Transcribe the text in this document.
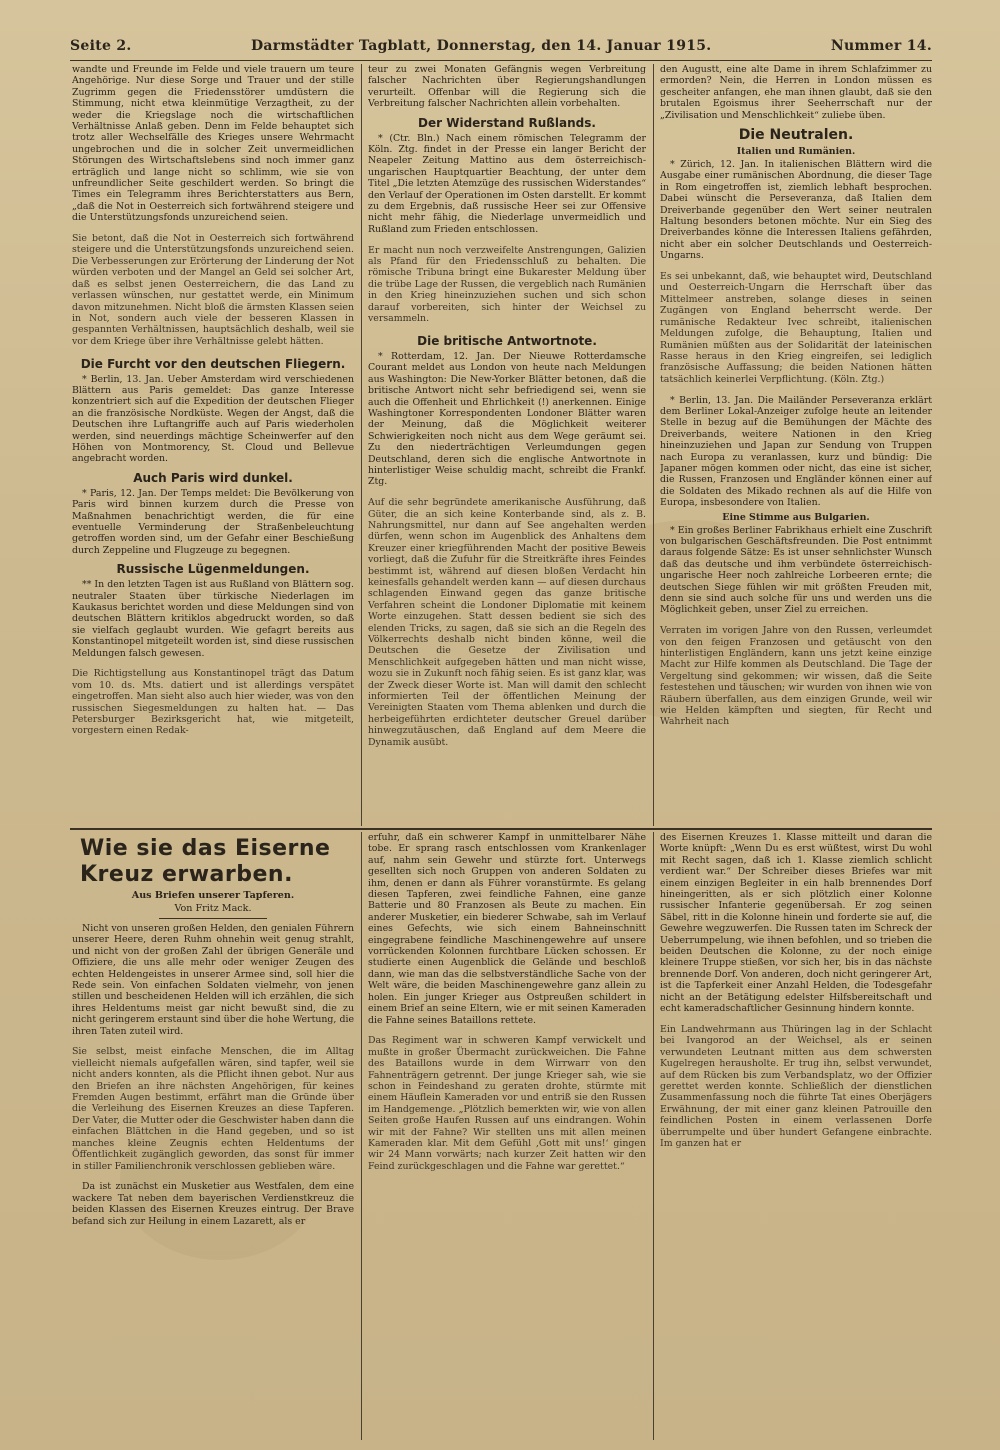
Seite 2.	Darmstädter Tagblatt, Donnerstag, den 14. Januar 1915.	Nummer 14.

wandte und Freunde im Felde und viele trauern um teure Angehörige. Nur diese Sorge und Trauer und der stille Zugrimm gegen die Friedensstörer umdüstern die Stimmung, nicht etwa kleinmütige Verzagtheit, zu der weder die Kriegslage noch die wirtschaftlichen Verhältnisse Anlaß geben. Denn im Felde behauptet sich trotz aller Wechselfälle des Krieges unsere Wehrmacht ungebrochen und die in solcher Zeit unvermeidlichen Störungen des Wirtschaftslebens sind noch immer ganz erträglich und lange nicht so schlimm, wie sie von unfreundlicher Seite geschildert werden. So bringt die Times ein Telegramm ihres Berichterstatters aus Bern, „daß die Not in Oesterreich sich fortwährend steigere und die Unterstützungsfonds unzureichend seien.

Sie betont, daß die Not in Oesterreich sich fortwährend steigere und die Unterstützungsfonds unzureichend seien. Die Verbesserungen zur Erörterung der Linderung der Not würden verboten und der Mangel an Geld sei solcher Art, daß es selbst jenen Oesterreichern, die das Land zu verlassen wünschen, nur gestattet werde, ein Minimum davon mitzunehmen. Nicht bloß die ärmsten Klassen seien in Not, sondern auch viele der besseren Klassen in gespannten Verhältnissen, hauptsächlich deshalb, weil sie vor dem Kriege über ihre Verhältnisse gelebt hätten.

Die Furcht vor den deutschen Fliegern.

* Berlin, 13. Jan. Ueber Amsterdam wird verschiedenen Blättern aus Paris gemeldet: Das ganze Interesse konzentriert sich auf die Expedition der deutschen Flieger an die französische Nordküste. Wegen der Angst, daß die Deutschen ihre Luftangriffe auch auf Paris wiederholen werden, sind neuerdings mächtige Scheinwerfer auf den Höhen von Montmorency, St. Cloud und Bellevue angebracht worden.

Auch Paris wird dunkel.

* Paris, 12. Jan. Der Temps meldet: Die Bevölkerung von Paris wird binnen kurzem durch die Presse von Maßnahmen benachrichtigt werden, die für eine eventuelle Verminderung der Straßenbeleuchtung getroffen worden sind, um der Gefahr einer Beschießung durch Zeppeline und Flugzeuge zu begegnen.

Russische Lügenmeldungen.

** In den letzten Tagen ist aus Rußland von Blättern sog. neutraler Staaten über türkische Niederlagen im Kaukasus berichtet worden und diese Meldungen sind von deutschen Blättern kritiklos abgedruckt worden, so daß sie vielfach geglaubt wurden. Wie gefagrt bereits aus Konstantinopel mitgeteilt worden ist, sind diese russischen Meldungen falsch gewesen.

Die Richtigstellung aus Konstantinopel trägt das Datum vom 10. ds. Mts. datiert und ist allerdings verspätet eingetroffen. Man sieht also auch hier wieder, was von den russischen Siegesmeldungen zu halten hat. — Das Petersburger Bezirksgericht hat, wie mitgeteilt, vorgestern einen Redak-

teur zu zwei Monaten Gefängnis wegen Verbreitung falscher Nachrichten über Regierungshandlungen verurteilt. Offenbar will die Regierung sich die Verbreitung falscher Nachrichten allein vorbehalten.

Der Widerstand Rußlands.

* (Ctr. Bln.) Nach einem römischen Telegramm der Köln. Ztg. findet in der Presse ein langer Bericht der Neapeler Zeitung Mattino aus dem österreichisch-ungarischen Hauptquartier Beachtung, der unter dem Titel „Die letzten Atemzüge des russischen Widerstandes“ den Verlauf der Operationen im Osten darstellt. Er kommt zu dem Ergebnis, daß russische Heer sei zur Offensive nicht mehr fähig, die Niederlage unvermeidlich und Rußland zum Frieden entschlossen.

Er macht nun noch verzweifelte Anstrengungen, Galizien als Pfand für den Friedensschluß zu behalten. Die römische Tribuna bringt eine Bukarester Meldung über die trübe Lage der Russen, die vergeblich nach Rumänien in den Krieg hineinzuziehen suchen und sich schon darauf vorbereiten, sich hinter der Weichsel zu versammeln.

Die britische Antwortnote.

* Rotterdam, 12. Jan. Der Nieuwe Rotterdamsche Courant meldet aus London von heute nach Meldungen aus Washington: Die New-Yorker Blätter betonen, daß die britische Antwort nicht sehr befriedigend sei, wenn sie auch die Offenheit und Ehrlichkeit (!) anerkennen. Einige Washingtoner Korrespondenten Londoner Blätter waren der Meinung, daß die Möglichkeit weiterer Schwierigkeiten noch nicht aus dem Wege geräumt sei. Zu den niederträchtigen Verleumdungen gegen Deutschland, deren sich die englische Antwortnote in hinterlistiger Weise schuldig macht, schreibt die Frankf. Ztg.

Auf die sehr begründete amerikanische Ausführung, daß Güter, die an sich keine Konterbande sind, als z. B. Nahrungsmittel, nur dann auf See angehalten werden dürfen, wenn schon im Augenblick des Anhaltens dem Kreuzer einer kriegführenden Macht der positive Beweis vorliegt, daß die Zufuhr für die Streitkräfte ihres Feindes bestimmt ist, während auf diesen bloßen Verdacht hin keinesfalls gehandelt werden kann — auf diesen durchaus schlagenden Einwand gegen das ganze britische Verfahren scheint die Londoner Diplomatie mit keinem Worte einzugehen. Statt dessen bedient sie sich des elenden Tricks, zu sagen, daß sie sich an die Regeln des Völkerrechts deshalb nicht binden könne, weil die Deutschen die Gesetze der Zivilisation und Menschlichkeit aufgegeben hätten und man nicht wisse, wozu sie in Zukunft noch fähig seien. Es ist ganz klar, was der Zweck dieser Worte ist. Man will damit den schlecht informierten Teil der öffentlichen Meinung der Vereinigten Staaten vom Thema ablenken und durch die herbeigeführten erdichteter deutscher Greuel darüber hinwegzutäuschen, daß England auf dem Meere die Dynamik ausübt.

den Augustt, eine alte Dame in ihrem Schlafzimmer zu ermorden? Nein, die Herren in London müssen es gescheiter anfangen, ehe man ihnen glaubt, daß sie den brutalen Egoismus ihrer Seeherrschaft nur der „Zivilisation und Menschlichkeit“ zuliebe üben.

Die Neutralen.
Italien und Rumänien.

* Zürich, 12. Jan. In italienischen Blättern wird die Ausgabe einer rumänischen Abordnung, die dieser Tage in Rom eingetroffen ist, ziemlich lebhaft besprochen. Dabei wünscht die Perseveranza, daß Italien dem Dreiverbande gegenüber den Wert seiner neutralen Haltung besonders betonen möchte. Nur ein Sieg des Dreiverbandes könne die Interessen Italiens gefährden, nicht aber ein solcher Deutschlands und Oesterreich-Ungarns.

Es sei unbekannt, daß, wie behauptet wird, Deutschland und Oesterreich-Ungarn die Herrschaft über das Mittelmeer anstreben, solange dieses in seinen Zugängen von England beherrscht werde. Der rumänische Redakteur Ivec schreibt, italienischen Meldungen zufolge, die Behauptung, Italien und Rumänien müßten aus der Solidarität der lateinischen Rasse heraus in den Krieg eingreifen, sei lediglich französische Auffassung; die beiden Nationen hätten tatsächlich keinerlei Verpflichtung. (Köln. Ztg.)

* Berlin, 13. Jan. Die Mailänder Perseveranza erklärt dem Berliner Lokal-Anzeiger zufolge heute an leitender Stelle in bezug auf die Bemühungen der Mächte des Dreiverbands, weitere Nationen in den Krieg hineinzuziehen und Japan zur Sendung von Truppen nach Europa zu veranlassen, kurz und bündig: Die Japaner mögen kommen oder nicht, das eine ist sicher, die Russen, Franzosen und Engländer können einer auf die Soldaten des Mikado rechnen als auf die Hilfe von Europa, insbesondere von Italien.

Eine Stimme aus Bulgarien.

* Ein großes Berliner Fabrikhaus erhielt eine Zuschrift von bulgarischen Geschäftsfreunden. Die Post entnimmt daraus folgende Sätze: Es ist unser sehnlichster Wunsch daß das deutsche und ihm verbündete österreichisch-ungarische Heer noch zahlreiche Lorbeeren ernte; die deutschen Siege fühlen wir mit größten Freuden mit, denn sie sind auch solche für uns und werden uns die Möglichkeit geben, unser Ziel zu erreichen.

Verraten im vorigen Jahre von den Russen, verleumdet von den feigen Franzosen und getäuscht von den hinterlistigen Engländern, kann uns jetzt keine einzige Macht zur Hilfe kommen als Deutschland. Die Tage der Vergeltung sind gekommen; wir wissen, daß die Seite festestehen und täuschen; wir wurden von ihnen wie von Räubern überfallen, aus dem einzigen Grunde, weil wir wie Helden kämpften und siegten, für Recht und Wahrheit nach

Wie sie das Eiserne Kreuz erwarben.
Aus Briefen unserer Tapferen.
Von Fritz Mack.

Nicht von unseren großen Helden, den genialen Führern unserer Heere, deren Ruhm ohnehin weit genug strahlt, und nicht von der großen Zahl der übrigen Generäle und Offiziere, die uns alle mehr oder weniger Zeugen des echten Heldengeistes in unserer Armee sind, soll hier die Rede sein. Von einfachen Soldaten vielmehr, von jenen stillen und bescheidenen Helden will ich erzählen, die sich ihres Heldentums meist gar nicht bewußt sind, die zu nicht geringerem erstaunt sind über die hohe Wertung, die ihren Taten zuteil wird.

Sie selbst, meist einfache Menschen, die im Alltag vielleicht niemals aufgefallen wären, sind tapfer, weil sie nicht anders konnten, als die Pflicht ihnen gebot. Nur aus den Briefen an ihre nächsten Angehörigen, für keines Fremden Augen bestimmt, erfährt man die Gründe über die Verleihung des Eisernen Kreuzes an diese Tapferen. Der Vater, die Mutter oder die Geschwister haben dann die einfachen Blättchen in die Hand gegeben, und so ist manches kleine Zeugnis echten Heldentums der Öffentlichkeit zugänglich geworden, das sonst für immer in stiller Familienchronik verschlossen geblieben wäre.

Da ist zunächst ein Musketier aus Westfalen, dem eine wackere Tat neben dem bayerischen Verdienstkreuz die beiden Klassen des Eisernen Kreuzes eintrug. Der Brave befand sich zur Heilung in einem Lazarett, als er

erfuhr, daß ein schwerer Kampf in unmittelbarer Nähe tobe. Er sprang rasch entschlossen vom Krankenlager auf, nahm sein Gewehr und stürzte fort. Unterwegs gesellten sich noch Gruppen von anderen Soldaten zu ihm, denen er dann als Führer voranstürmte. Es gelang diesen Tapferen, zwei feindliche Fahnen, eine ganze Batterie und 80 Franzosen als Beute zu machen. Ein anderer Musketier, ein biederer Schwabe, sah im Verlauf eines Gefechts, wie sich einem Bahneinschnitt eingegrabene feindliche Maschinengewehre auf unsere vorrückenden Kolonnen furchtbare Lücken schossen. Er studierte einen Augenblick die Gelände und beschloß dann, wie man das die selbstverständliche Sache von der Welt wäre, die beiden Maschinengewehre ganz allein zu holen. Ein junger Krieger aus Ostpreußen schildert in einem Brief an seine Eltern, wie er mit seinen Kameraden die Fahne seines Bataillons rettete.

Das Regiment war in schweren Kampf verwickelt und mußte in großer Übermacht zurückweichen. Die Fahne des Bataillons wurde in dem Wirrwarr von den Fahnenträgern getrennt. Der junge Krieger sah, wie sie schon in Feindeshand zu geraten drohte, stürmte mit einem Häuflein Kameraden vor und entriß sie den Russen im Handgemenge. „Plötzlich bemerkten wir, wie von allen Seiten große Haufen Russen auf uns eindrangen. Wohin wir mit der Fahne? Wir stellten uns mit allen meinen Kameraden klar. Mit dem Gefühl ‚Gott mit uns!‘ gingen wir 24 Mann vorwärts; nach kurzer Zeit hatten wir den Feind zurückgeschlagen und die Fahne war gerettet.“

des Eisernen Kreuzes 1. Klasse mitteilt und daran die Worte knüpft: „Wenn Du es erst wüßtest, wirst Du wohl mit Recht sagen, daß ich 1. Klasse ziemlich schlicht verdient war.“ Der Schreiber dieses Briefes war mit einem einzigen Begleiter in ein halb brennendes Dorf hineingeritten, als er sich plötzlich einer Kolonne russischer Infanterie gegenübersah. Er zog seinen Säbel, ritt in die Kolonne hinein und forderte sie auf, die Gewehre wegzuwerfen. Die Russen taten im Schreck der Ueberrumpelung, wie ihnen befohlen, und so trieben die beiden Deutschen die Kolonne, zu der noch einige kleinere Truppe stießen, vor sich her, bis in das nächste brennende Dorf. Von anderen, doch nicht geringerer Art, ist die Tapferkeit einer Anzahl Helden, die Todesgefahr nicht an der Betätigung edelster Hilfsbereitschaft und echt kameradschaftlicher Gesinnung hindern konnte.

Ein Landwehrmann aus Thüringen lag in der Schlacht bei Ivangorod an der Weichsel, als er seinen verwundeten Leutnant mitten aus dem schwersten Kugelregen herausholte. Er trug ihn, selbst verwundet, auf dem Rücken bis zum Verbandsplatz, wo der Offizier gerettet werden konnte. Schließlich der dienstlichen Zusammenfassung noch die führte Tat eines Oberjägers Erwähnung, der mit einer ganz kleinen Patrouille den feindlichen Posten in einem verlassenen Dorfe überrumpelte und über hundert Gefangene einbrachte. Im ganzen hat er
